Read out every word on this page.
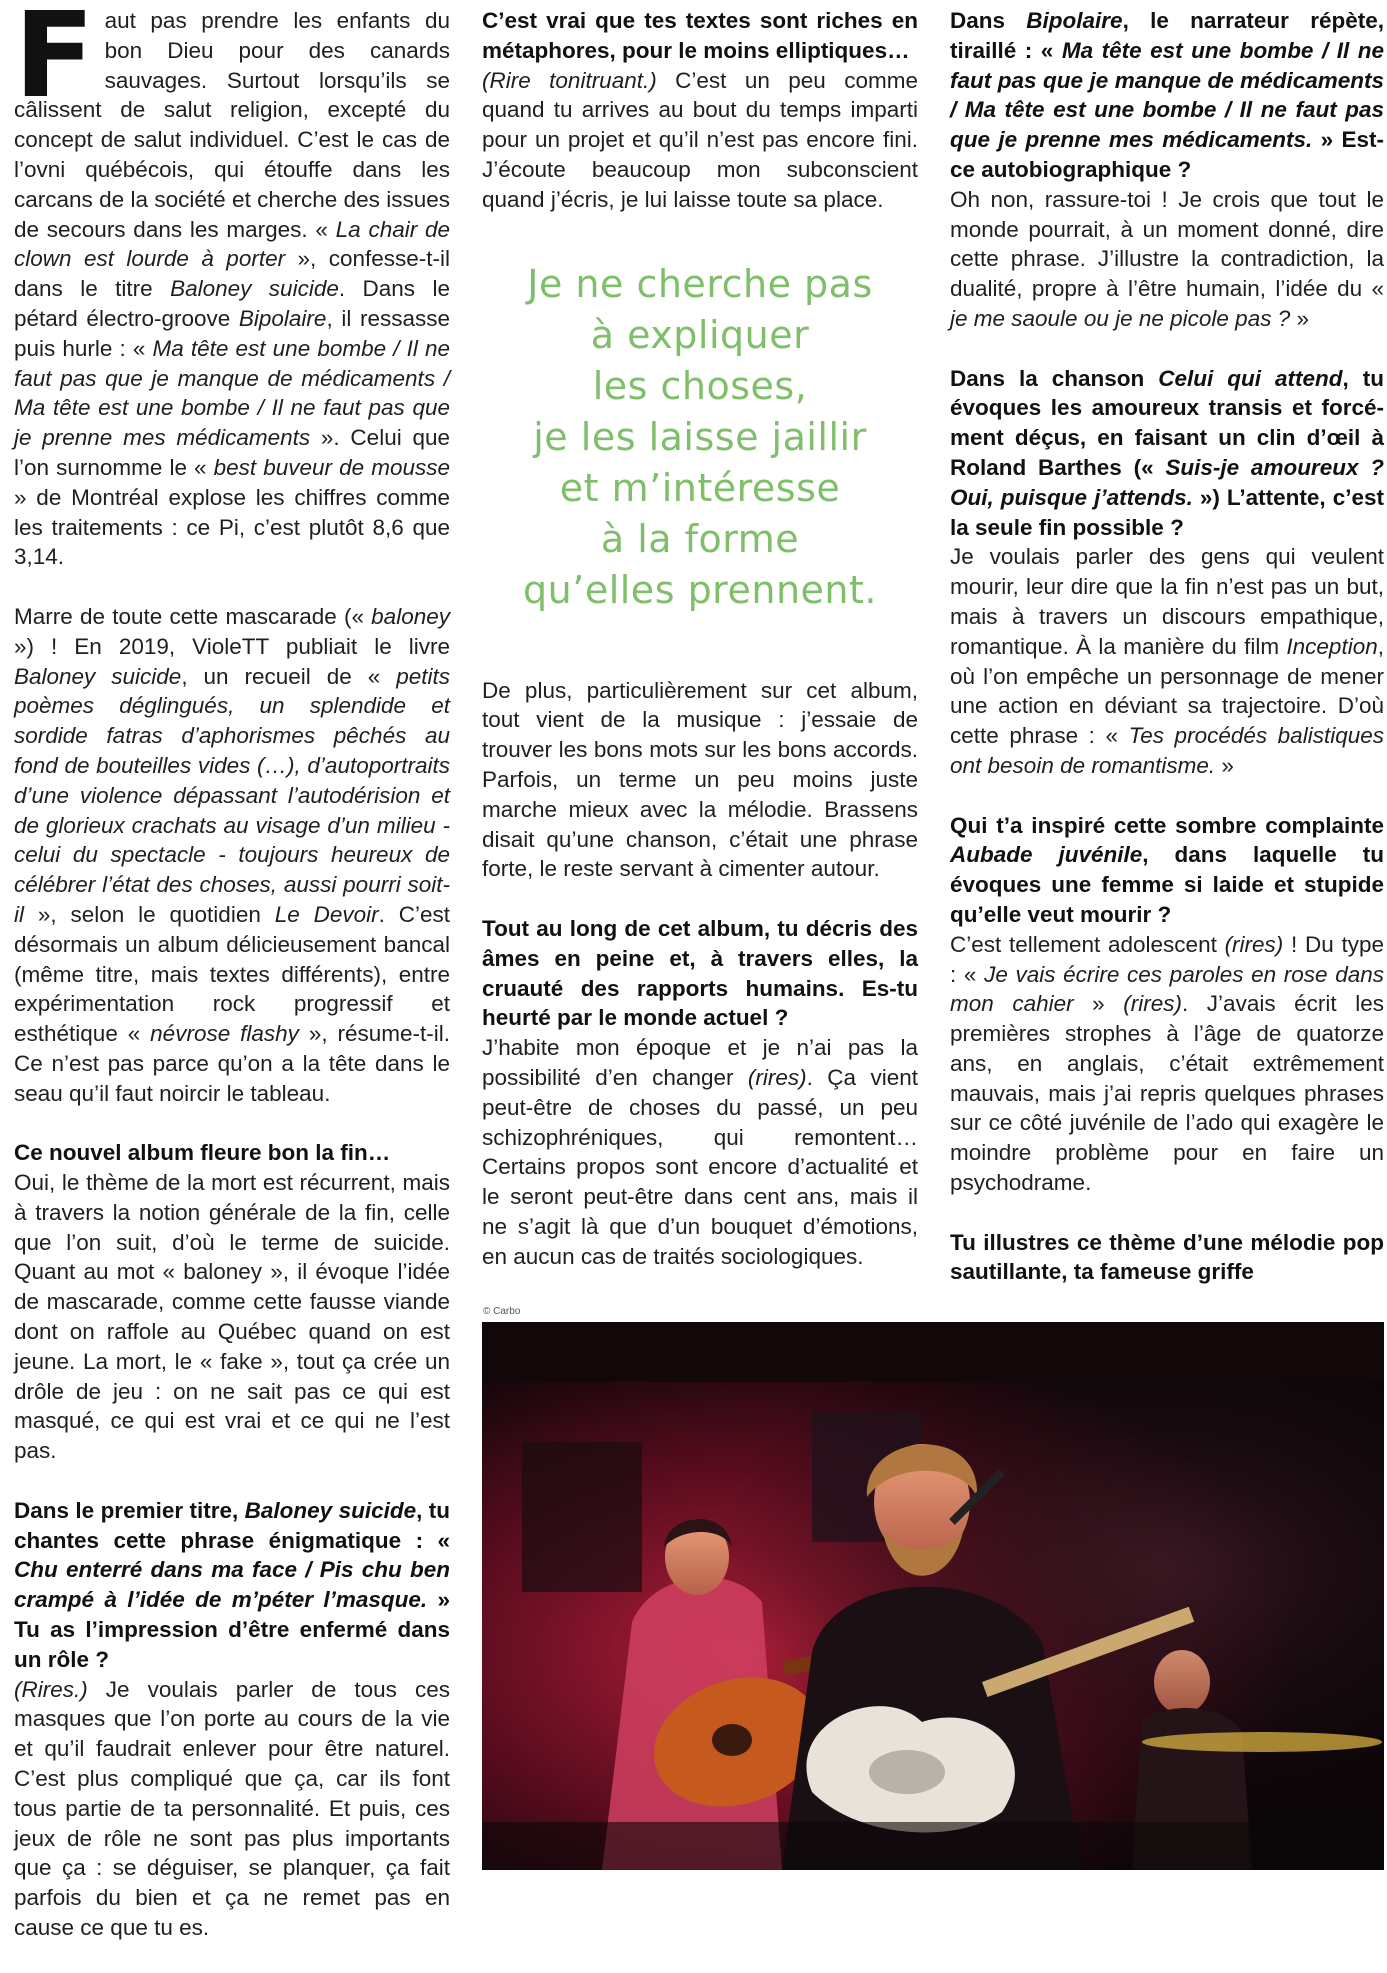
Faut pas prendre les enfants du bon Dieu pour des canards sauvages. Surtout lorsqu’ils se câlissent de salut religion, excepté du concept de salut individuel. C’est le cas de l’ovni québécois, qui étouffe dans les carcans de la société et cherche des issues de secours dans les marges. « La chair de clown est lourde à porter », confesse-t-il dans le titre Baloney suicide. Dans le pétard électro-groove Bipolaire, il ressasse puis hurle : « Ma tête est une bombe / Il ne faut pas que je manque de médicaments / Ma tête est une bombe / Il ne faut pas que je prenne mes médicaments ». Celui que l’on surnomme le « best buveur de mousse » de Montréal explose les chiffres comme les traitements : ce Pi, c’est plutôt 8,6 que 3,14.

Marre de toute cette mascarade (« baloney ») ! En 2019, VioleTT publiait le livre Baloney suicide, un recueil de « petits poèmes déglingués, un splendide et sordide fatras d’aphorismes pêchés au fond de bouteilles vides (…), d’autoportraits d’une violence dépassant l’autodérision et de glorieux crachats au visage d’un milieu - celui du spectacle - toujours heureux de célébrer l’état des choses, aussi pourri soit-il », selon le quotidien Le Devoir. C’est désormais un album délicieusement bancal (même titre, mais textes différents), entre expérimentation rock progressif et esthétique « névrose flashy », résume-t-il. Ce n’est pas parce qu’on a la tête dans le seau qu’il faut noircir le tableau.

Ce nouvel album fleure bon la fin…

Oui, le thème de la mort est récurrent, mais à travers la notion générale de la fin, celle que l’on suit, d’où le terme de suicide. Quant au mot « baloney », il évoque l’idée de mascarade, comme cette fausse viande dont on raffole au Québec quand on est jeune. La mort, le « fake », tout ça crée un drôle de jeu : on ne sait pas ce qui est masqué, ce qui est vrai et ce qui ne l’est pas.

Dans le premier titre, Baloney suicide, tu chantes cette phrase énigmatique : « Chu enterré dans ma face / Pis chu ben crampé à l’idée de m’péter l’masque. » Tu as l’impression d’être enfermé dans un rôle ?

(Rires.) Je voulais parler de tous ces masques que l’on porte au cours de la vie et qu’il faudrait enlever pour être naturel. C’est plus compliqué que ça, car ils font tous partie de ta personnalité. Et puis, ces jeux de rôle ne sont pas plus importants que ça : se déguiser, se planquer, ça fait parfois du bien et ça ne remet pas en cause ce que tu es.

C’est vrai que tes textes sont riches en métaphores, pour le moins elliptiques…

(Rire tonitruant.) C’est un peu comme quand tu arrives au bout du temps imparti pour un projet et qu’il n’est pas encore fini. J’écoute beaucoup mon subconscient quand j’écris, je lui laisse toute sa place.

Je ne cherche pas
à expliquer
les choses,
je les laisse jaillir
et m’intéresse
à la forme
qu’elles prennent.

De plus, particulièrement sur cet album, tout vient de la musique : j’essaie de trouver les bons mots sur les bons accords. Parfois, un terme un peu moins juste marche mieux avec la mélodie. Brassens disait qu’une chanson, c’était une phrase forte, le reste servant à cimenter autour.

Tout au long de cet album, tu décris des âmes en peine et, à travers elles, la cruauté des rapports humains. Es-tu heurté par le monde actuel ?

J’habite mon époque et je n’ai pas la possibilité d’en changer (rires). Ça vient peut-être de choses du passé, un peu schizophréniques, qui remontent… Certains propos sont encore d’actualité et le seront peut-être dans cent ans, mais il ne s’agit là que d’un bouquet d’émotions, en aucun cas de traités sociologiques.

Dans Bipolaire, le narrateur répète, tiraillé : « Ma tête est une bombe / Il ne faut pas que je manque de médicaments / Ma tête est une bombe / Il ne faut pas que je prenne mes médicaments. » Est-ce autobiographique ?

Oh non, rassure-toi ! Je crois que tout le monde pourrait, à un moment donné, dire cette phrase. J’illustre la contradiction, la dualité, propre à l’être humain, l’idée du « je me saoule ou je ne picole pas ? »

Dans la chanson Celui qui attend, tu évoques les amoureux transis et forcément déçus, en faisant un clin d’œil à Roland Barthes (« Suis-je amoureux ? Oui, puisque j’attends. ») L’attente, c’est la seule fin possible ?

Je voulais parler des gens qui veulent mourir, leur dire que la fin n’est pas un but, mais à travers un discours empathique, romantique. À la manière du film Inception, où l’on empêche un personnage de mener une action en déviant sa trajectoire. D’où cette phrase : « Tes procédés balistiques ont besoin de romantisme. »

Qui t’a inspiré cette sombre complainte Aubade juvénile, dans laquelle tu évoques une femme si laide et stupide qu’elle veut mourir ?

C’est tellement adolescent (rires) ! Du type : « Je vais écrire ces paroles en rose dans mon cahier » (rires). J’avais écrit les premières strophes à l’âge de quatorze ans, en anglais, c’était extrêmement mauvais, mais j’ai repris quelques phrases sur ce côté juvénile de l’ado qui exagère le moindre problème pour en faire un psychodrame.

Tu illustres ce thème d’une mélodie pop sautillante, ta fameuse griffe

© Carbo
